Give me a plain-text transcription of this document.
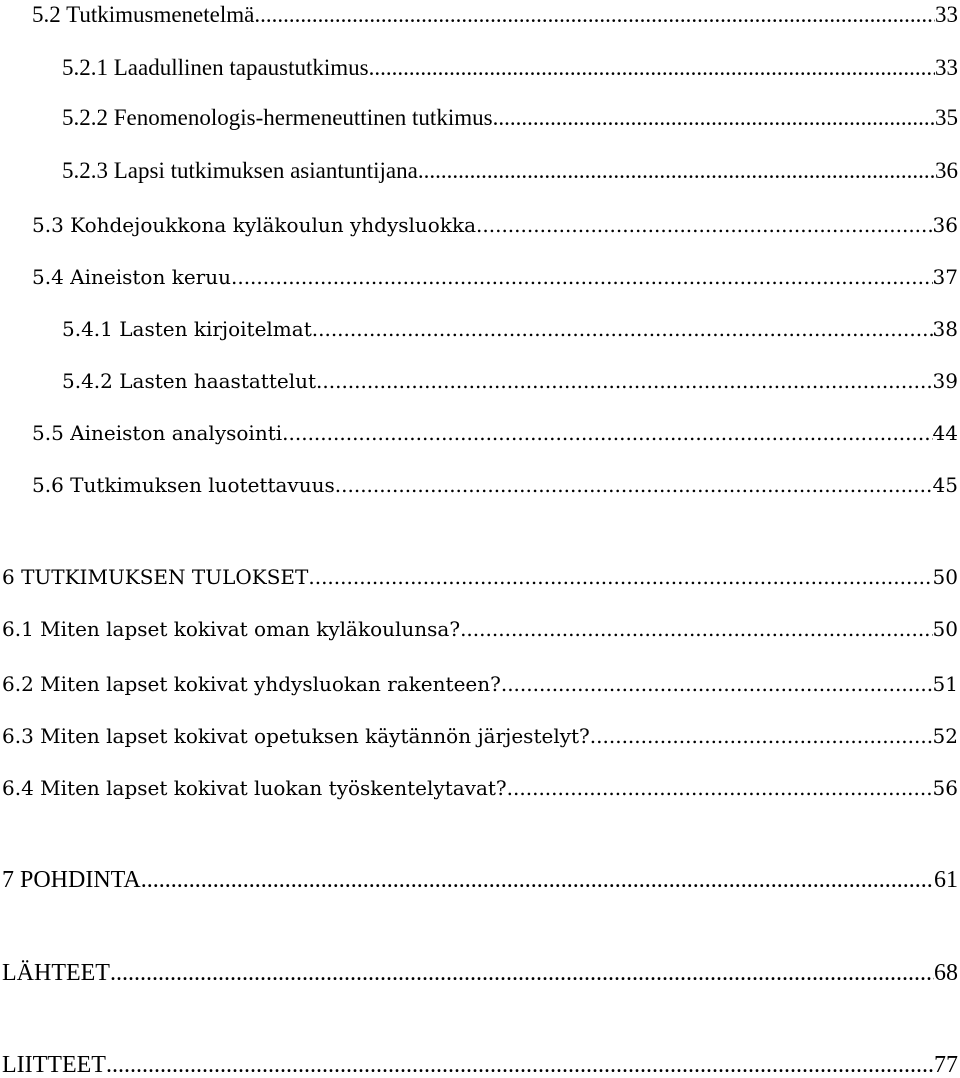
5.2 Tutkimusmenetelmä .....	33
5.2.1 Laadullinen tapaustutkimus .....	33
5.2.2 Fenomenologis-hermeneuttinen tutkimus .....	35
5.2.3 Lapsi tutkimuksen asiantuntijana .....	36
5.3 Kohdejoukkona kyläkoulun yhdysluokka .....	36
5.4 Aineiston keruu .....	37
5.4.1 Lasten kirjoitelmat .....	38
5.4.2 Lasten haastattelut .....	39
5.5 Aineiston analysointi .....	44
5.6 Tutkimuksen luotettavuus .....	45
6 TUTKIMUKSEN TULOKSET .....	50
6.1 Miten lapset kokivat oman kyläkoulunsa? .....	50
6.2 Miten lapset kokivat yhdysluokan rakenteen? .....	51
6.3 Miten lapset kokivat opetuksen käytännön järjestelyt? .....	52
6.4 Miten lapset kokivat luokan työskentelytavat? .....	56
7 POHDINTA .....	61
LÄHTEET .....	68
LIITTEET .....	77
